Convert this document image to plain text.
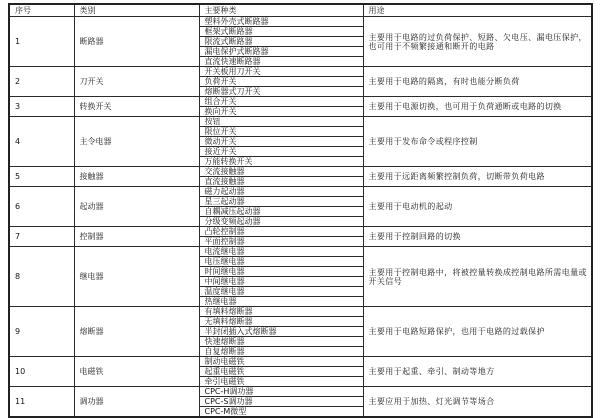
序号	类别	主要种类	用途
1	断路器	塑料外壳式断路器	主要用于电路的过负荷保护、短路、欠电压、漏电压保护，也可用于不频繁接通和断开的电路
		框架式断路器	
		限流式断路器	
		漏电保护式断路器	
		直流快速断路器	
2	刀开关	开关板用刀开关	主要用于电路的隔离，有时也能分断负荷
		负荷开关	
		熔断器式刀开关	
3	转换开关	组合开关	主要用于电源切换，也可用于负荷通断或电路的切换
		换向开关	
4	主令电器	按钮	主要用于发布命令或程序控制
		限位开关	
		微动开关	
		接近开关	
		万能转换开关	
5	接触器	交流接触器	主要用于远距离频繁控制负荷，切断带负荷电路
		直流接触器	
6	起动器	磁力起动器	主要用于电动机的起动
		星三起动器	
		自耦减压起动器	
		分级变频起动器	
7	控制器	凸轮控制器	主要用于控制回路的切换
		平面控制器	
8	继电器	电流继电器	主要用于控制电路中，将被控量转换成控制电路所需电量或开关信号
		电压继电器	
		时间继电器	
		中间继电器	
		温度继电器	
		热继电器	
9	熔断器	有填料熔断器	主要用于电路短路保护，也用于电路的过载保护
		无填料熔断器	
		半封闭插入式熔断器	
		快速熔断器	
		自复熔断器	
10	电磁铁	制动电磁铁	主要用于起重、牵引、制动等地方
		起重电磁铁	
		牵引电磁铁	
11	调功器	CPC-H调功器	主要应用于加热、灯光调节等场合
		CPC-S调功器	
		CPC-M微型	
